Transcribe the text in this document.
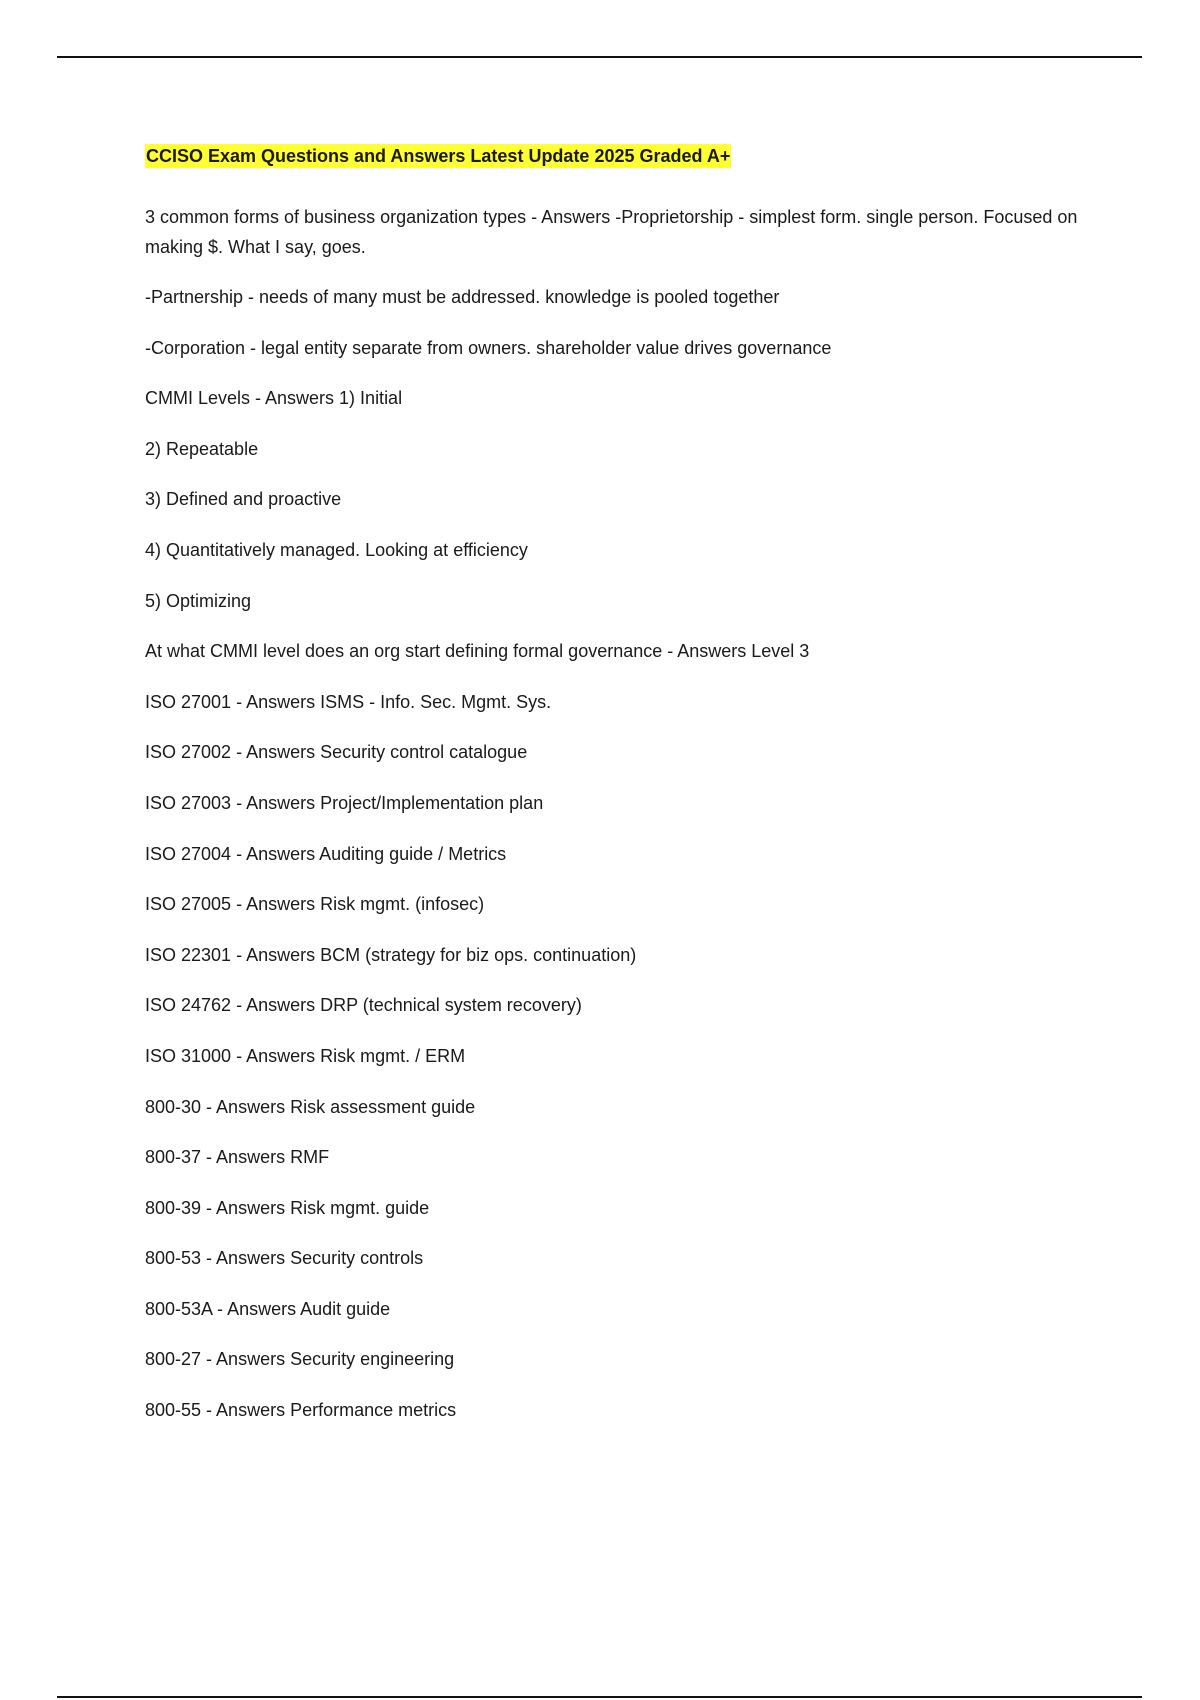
CCISO Exam Questions and Answers Latest Update 2025 Graded A+
3 common forms of business organization types - Answers -Proprietorship - simplest form. single person. Focused on making $. What I say, goes.
-Partnership - needs of many must be addressed. knowledge is pooled together
-Corporation - legal entity separate from owners. shareholder value drives governance
CMMI Levels - Answers 1) Initial
2) Repeatable
3) Defined and proactive
4) Quantitatively managed. Looking at efficiency
5) Optimizing
At what CMMI level does an org start defining formal governance - Answers Level 3
ISO 27001 - Answers ISMS - Info. Sec. Mgmt. Sys.
ISO 27002 - Answers Security control catalogue
ISO 27003 - Answers Project/Implementation plan
ISO 27004 - Answers Auditing guide / Metrics
ISO 27005 - Answers Risk mgmt. (infosec)
ISO 22301 - Answers BCM (strategy for biz ops. continuation)
ISO 24762 - Answers DRP (technical system recovery)
ISO 31000 - Answers Risk mgmt. / ERM
800-30 - Answers Risk assessment guide
800-37 - Answers RMF
800-39 - Answers Risk mgmt. guide
800-53 - Answers Security controls
800-53A - Answers Audit guide
800-27 - Answers Security engineering
800-55 - Answers Performance metrics
